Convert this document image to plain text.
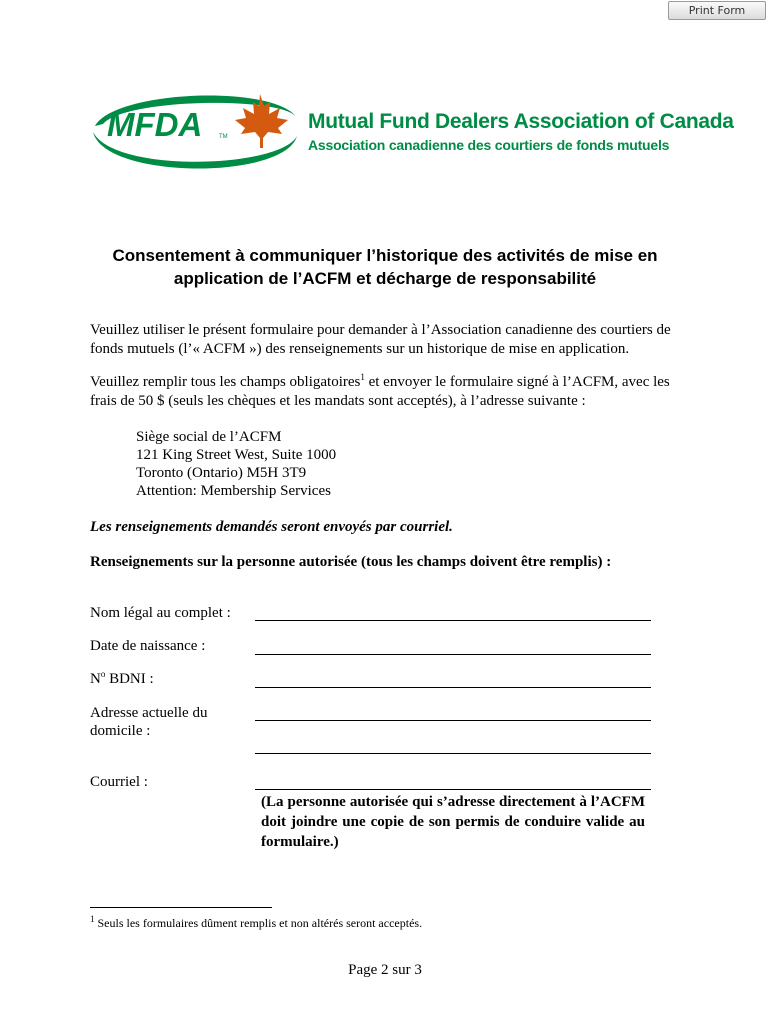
Print Form
MFDA	TM
Mutual Fund Dealers Association of Canada
Association canadienne des courtiers de fonds mutuels
Consentement à communiquer l’historique des activités de mise en
application de l’ACFM et décharge de responsabilité
Veuillez utiliser le présent formulaire pour demander à l’Association canadienne des courtiers de fonds mutuels (l’« ACFM ») des renseignements sur un historique de mise en application.
Veuillez remplir tous les champs obligatoires$^1$ et envoyer le formulaire signé à l’ACFM, avec les frais de 50 $ (seuls les chèques et les mandats sont acceptés), à l’adresse suivante :
Siège social de l’ACFM
121 King Street West, Suite 1000
Toronto (Ontario) M5H 3T9
Attention: Membership Services
Les renseignements demandés seront envoyés par courriel.
Renseignements sur la personne autorisée (tous les champs doivent être remplis) :
Nom légal au complet :
Date de naissance :
$N^o$ BDNI :
Adresse actuelle du
domicile :
Courriel :
(La personne autorisée qui s’adresse directement à l’ACFM doit joindre une copie de son permis de conduire valide au formulaire.)
$^1$ Seuls les formulaires dûment remplis et non altérés seront acceptés.
Page 2 sur 3
